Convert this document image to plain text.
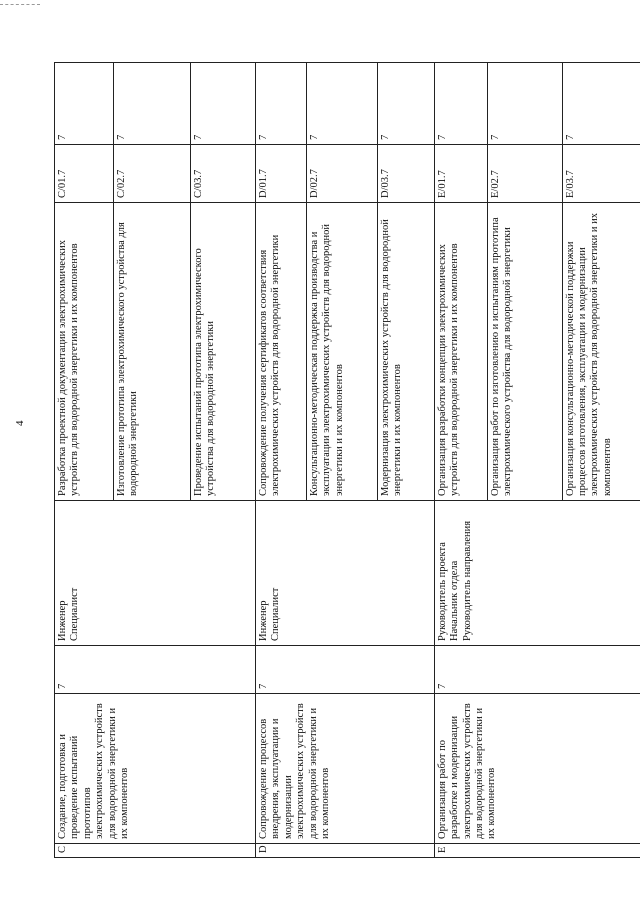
4
C	Создание, подготовка и проведение испытаний прототипов электрохимических устройств для водородной энергетики и их компонентов	7	Инженер
Специалист	Разработка проектной документации электрохимических устройств для водородной энергетики и их компонентов	C/01.7	7
				Изготовление прототипа электрохимического устройства для водородной энергетики	C/02.7	7
				Проведение испытаний прототипа электрохимического устройства для водородной энергетики	C/03.7	7
D	Сопровождение процессов внедрения, эксплуатации и модернизации электрохимических устройств для водородной энергетики и их компонентов	7	Инженер
Специалист	Сопровождение получения сертификатов соответствия электрохимических устройств для водородной энергетики	D/01.7	7
				Консультационно-методическая поддержка производства и эксплуатации электрохимических устройств для водородной энергетики и их компонентов	D/02.7	7
				Модернизация электрохимических устройств для водородной энергетики и их компонентов	D/03.7	7
E	Организация работ по разработке и модернизации электрохимических устройств для водородной энергетики и их компонентов	7	Руководитель проекта
Начальник отдела
Руководитель направления	Организация разработки концепции электрохимических устройств для водородной энергетики и их компонентов	E/01.7	7
				Организация работ по изготовлению и испытаниям прототипа электрохимического устройства для водородной энергетики	E/02.7	7
				Организация консультационно-методической поддержки процессов изготовления, эксплуатации и модернизации электрохимических устройств для водородной энергетики и их компонентов	E/03.7	7
